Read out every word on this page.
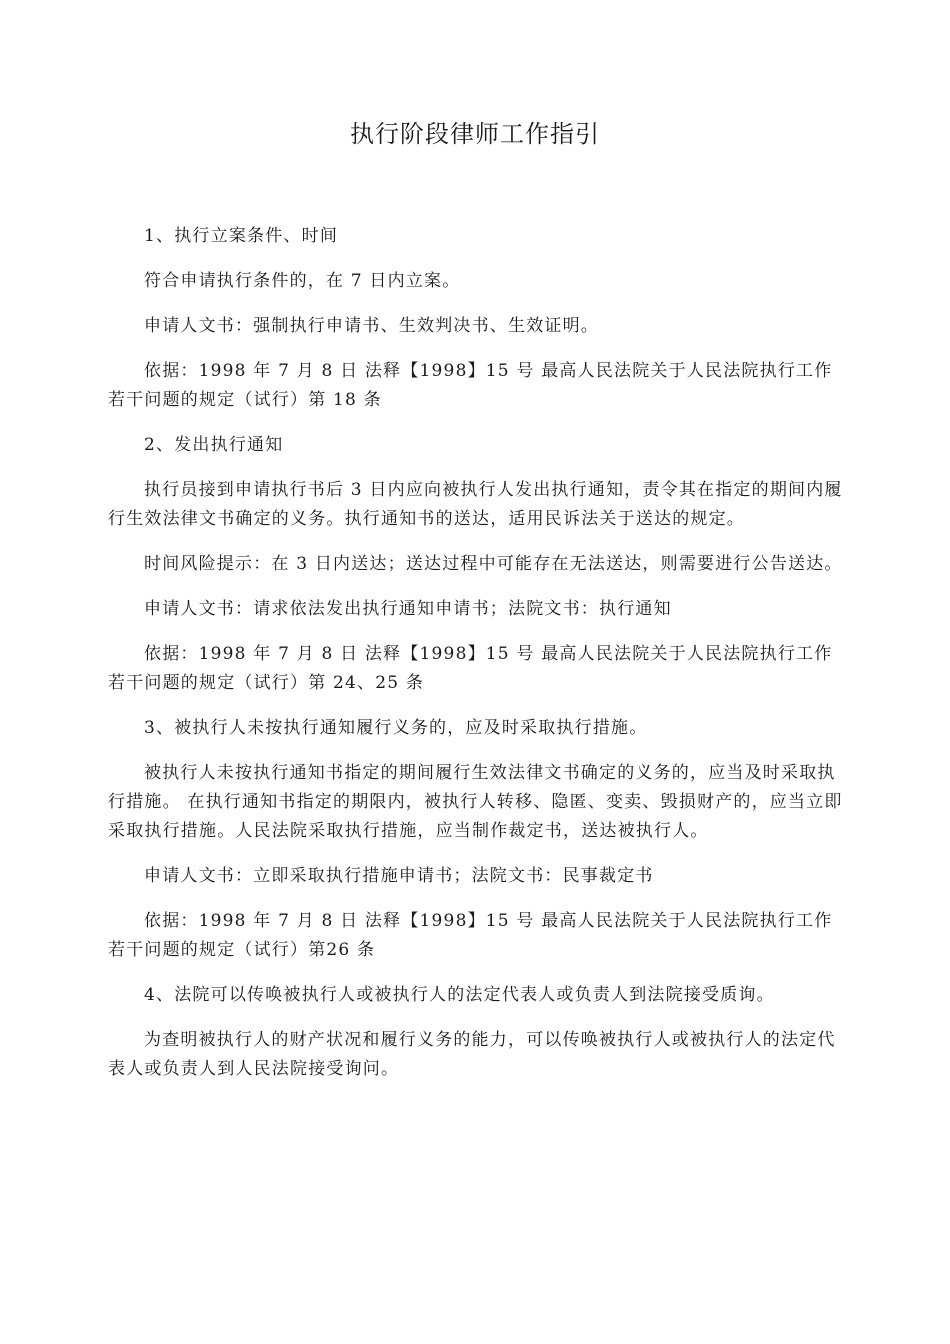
执行阶段律师工作指引

1、执行立案条件、时间

符合申请执行条件的，在 7 日内立案。

申请人文书：强制执行申请书、生效判决书、生效证明。

依据：1998 年 7 月 8 日 法释【1998】15 号 最高人民法院关于人民法院执行工作若干问题的规定（试行）第 18 条

2、发出执行通知

执行员接到申请执行书后 3 日内应向被执行人发出执行通知，责令其在指定的期间内履行生效法律文书确定的义务。执行通知书的送达，适用民诉法关于送达的规定。

时间风险提示：在 3 日内送达；送达过程中可能存在无法送达，则需要进行公告送达。

申请人文书：请求依法发出执行通知申请书；法院文书：执行通知

依据：1998 年 7 月 8 日 法释【1998】15 号 最高人民法院关于人民法院执行工作若干问题的规定（试行）第 24、25 条

3、被执行人未按执行通知履行义务的，应及时采取执行措施。

被执行人未按执行通知书指定的期间履行生效法律文书确定的义务的，应当及时采取执行措施。 在执行通知书指定的期限内，被执行人转移、隐匿、变卖、毁损财产的，应当立即采取执行措施。人民法院采取执行措施，应当制作裁定书，送达被执行人。

申请人文书：立即采取执行措施申请书；法院文书：民事裁定书

依据：1998 年 7 月 8 日 法释【1998】15 号 最高人民法院关于人民法院执行工作若干问题的规定（试行）第26 条

4、法院可以传唤被执行人或被执行人的法定代表人或负责人到法院接受质询。

为查明被执行人的财产状况和履行义务的能力，可以传唤被执行人或被执行人的法定代表人或负责人到人民法院接受询问。
